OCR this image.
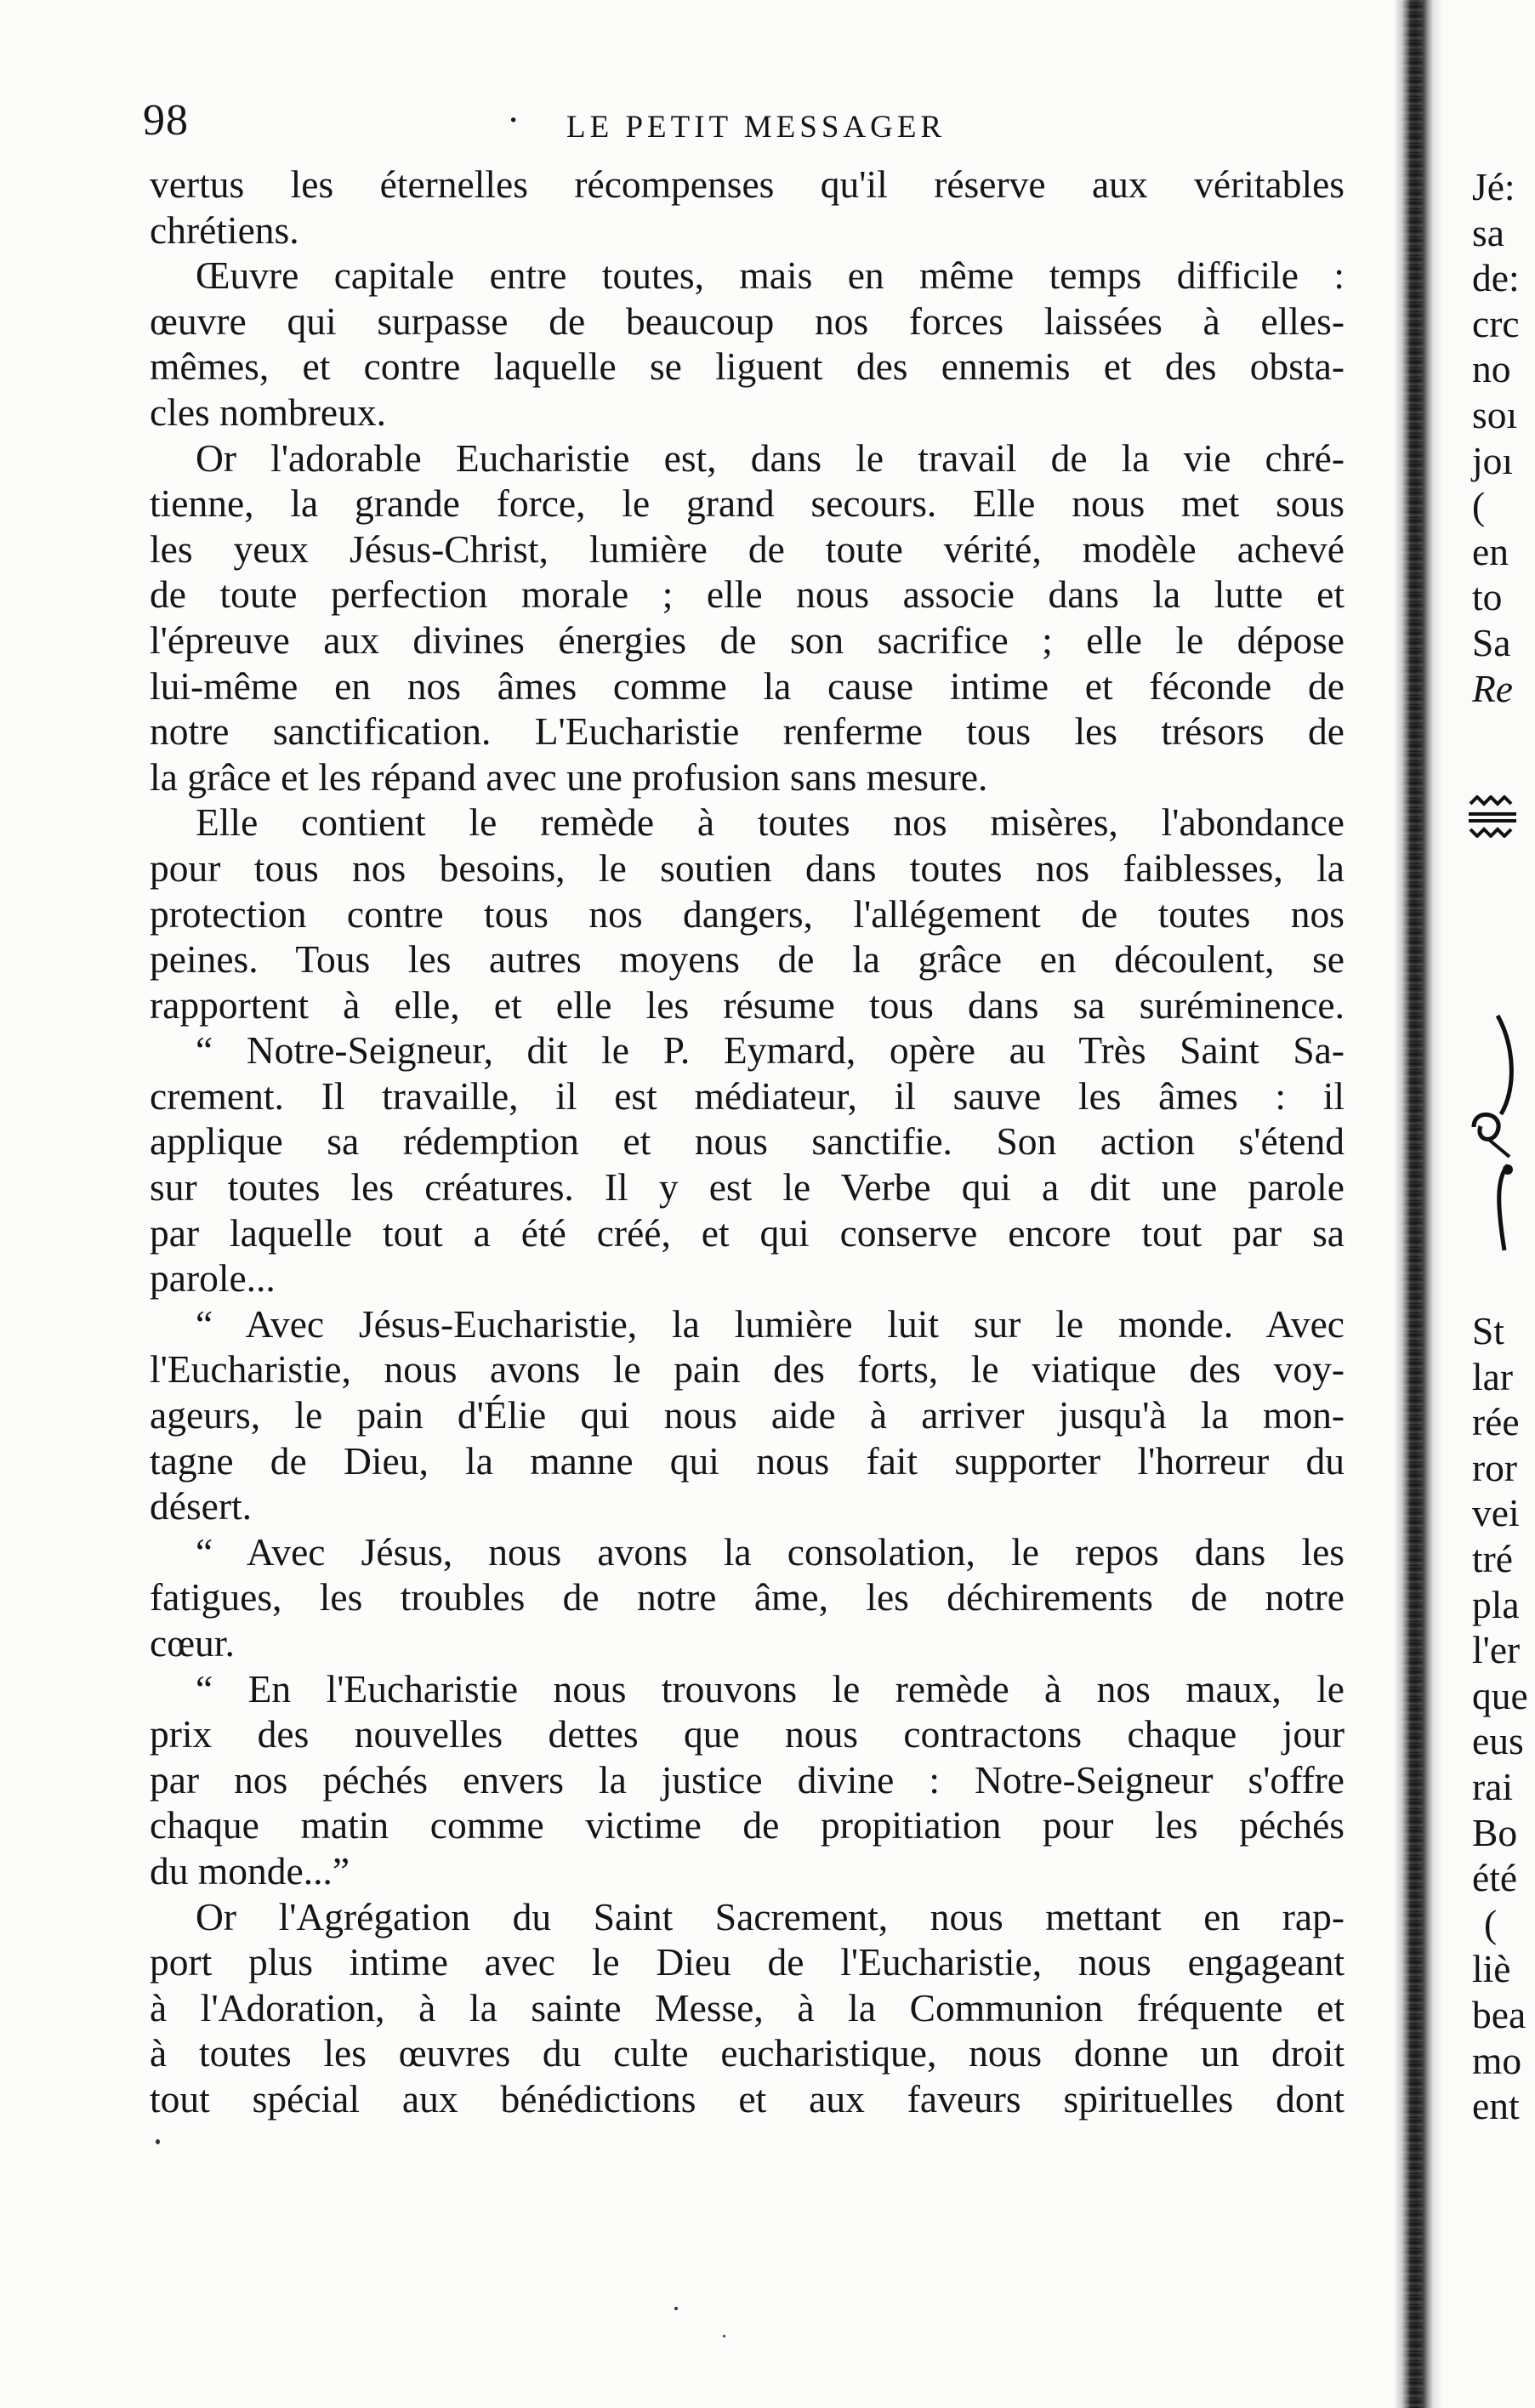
98	· LE PETIT MESSAGER
vertus les éternelles récompenses qu'il réserve aux véritables
chrétiens.
Œuvre capitale entre toutes, mais en même temps difficile :
œuvre qui surpasse de beaucoup nos forces laissées à elles-
mêmes, et contre laquelle se liguent des ennemis et des obsta-
cles nombreux.
Or l'adorable Eucharistie est, dans le travail de la vie chré-
tienne, la grande force, le grand secours. Elle nous met sous
les yeux Jésus-Christ, lumière de toute vérité, modèle achevé
de toute perfection morale ; elle nous associe dans la lutte et
l'épreuve aux divines énergies de son sacrifice ; elle le dépose
lui-même en nos âmes comme la cause intime et féconde de
notre sanctification. L'Eucharistie renferme tous les trésors de
la grâce et les répand avec une profusion sans mesure.
Elle contient le remède à toutes nos misères, l'abondance
pour tous nos besoins, le soutien dans toutes nos faiblesses, la
protection contre tous nos dangers, l'allégement de toutes nos
peines. Tous les autres moyens de la grâce en découlent, se
rapportent à elle, et elle les résume tous dans sa suréminence.
“ Notre-Seigneur, dit le P. Eymard, opère au Très Saint Sa-
crement. Il travaille, il est médiateur, il sauve les âmes : il
applique sa rédemption et nous sanctifie. Son action s'étend
sur toutes les créatures. Il y est le Verbe qui a dit une parole
par laquelle tout a été créé, et qui conserve encore tout par sa
parole...
“ Avec Jésus-Eucharistie, la lumière luit sur le monde. Avec
l'Eucharistie, nous avons le pain des forts, le viatique des voy-
ageurs, le pain d'Élie qui nous aide à arriver jusqu'à la mon-
tagne de Dieu, la manne qui nous fait supporter l'horreur du
désert.
“ Avec Jésus, nous avons la consolation, le repos dans les
fatigues, les troubles de notre âme, les déchirements de notre
cœur.
“ En l'Eucharistie nous trouvons le remède à nos maux, le
prix des nouvelles dettes que nous contractons chaque jour
par nos péchés envers la justice divine : Notre-Seigneur s'offre
chaque matin comme victime de propitiation pour les péchés
du monde...”
Or l'Agrégation du Saint Sacrement, nous mettant en rap-
port plus intime avec le Dieu de l'Eucharistie, nous engageant
à l'Adoration, à la sainte Messe, à la Communion fréquente et
à toutes les œuvres du culte eucharistique, nous donne un droit
tout spécial aux bénédictions et aux faveurs spirituelles dont
Jé:
sa
de:
crc
no
soı
joı
(
en
to
Sa
Re
St
lar
rée
ror
vei
tré
pla
l'er
que
eus
rai
Bo
été
(
liè
bea
mo
ent
